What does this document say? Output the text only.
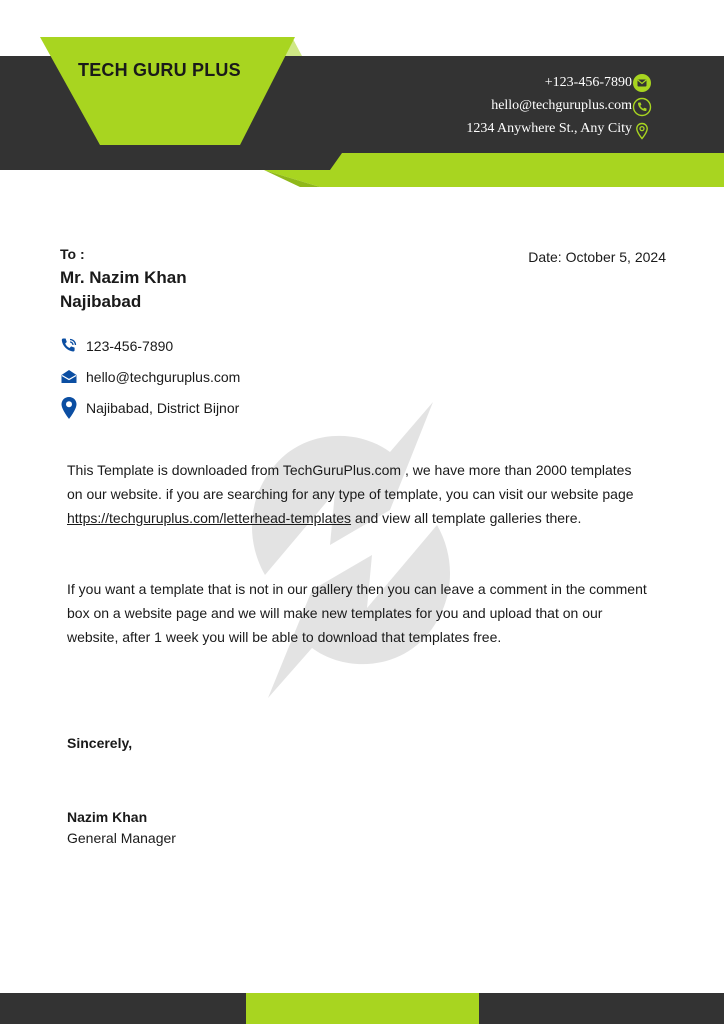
TECH GURU PLUS
+123-456-7890
hello@techguruplus.com
1234 Anywhere St., Any City
To :
Mr. Nazim Khan
Najibabad
Date: October 5, 2024
123-456-7890
hello@techguruplus.com
Najibabad, District Bijnor
This Template is downloaded from TechGuruPlus.com , we have more than 2000 templates on our website. if you are searching for any type of template, you can visit our website page https://techguruplus.com/letterhead-templates and view all template galleries there.
If you want a template that is not in our gallery then you can leave a comment in the comment box on a website page and we will make new templates for you and upload that on our website, after 1 week you will be able to download that templates free.
Sincerely,
Nazim Khan
General Manager
